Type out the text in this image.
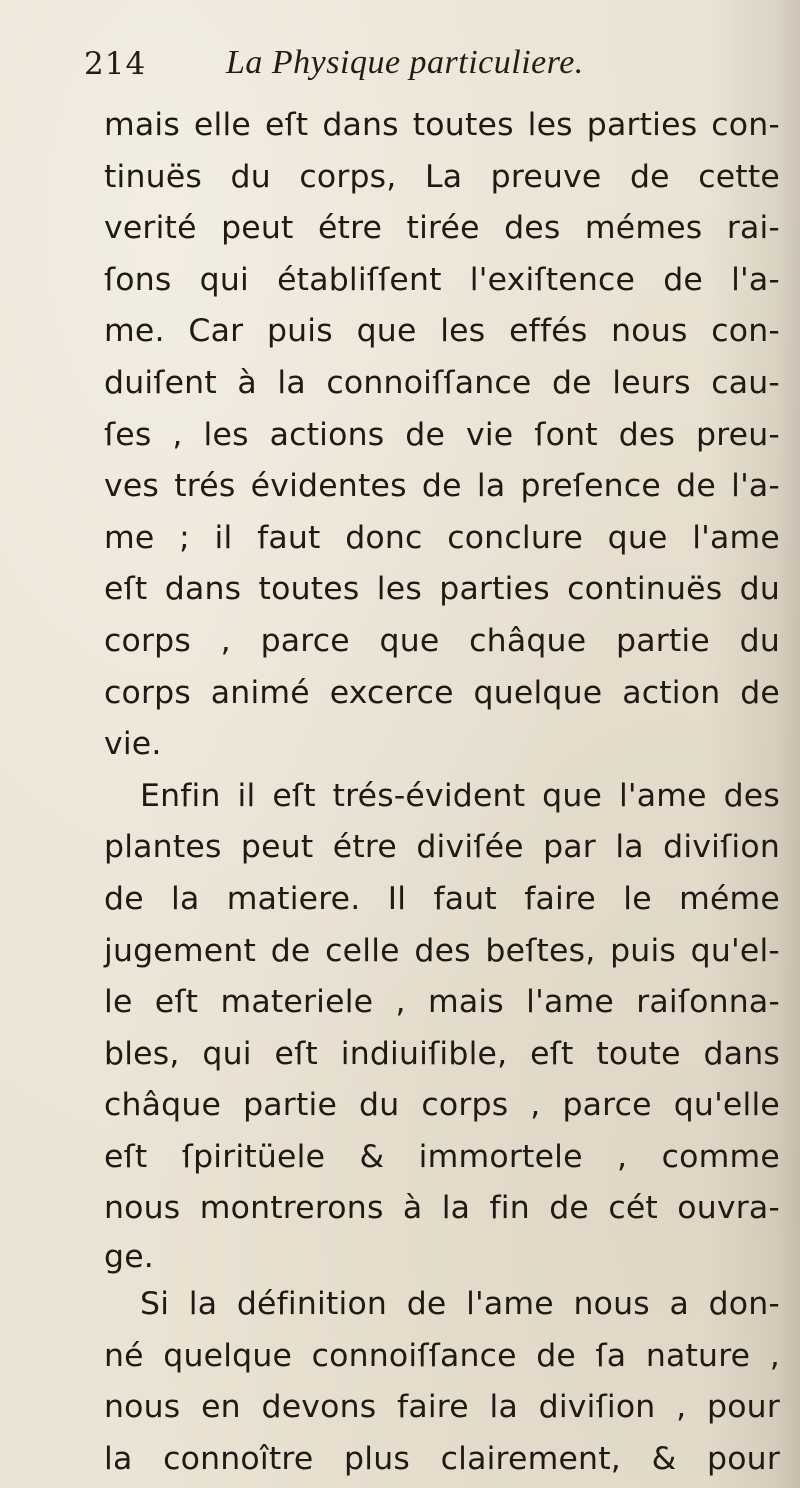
214 La Physique particuliere.
mais elle eſt dans toutes les parties con-
tinuës du corps, La preuve de cette
verité peut étre tirée des mémes rai-
ſons qui établiſſent l'exiſtence de l'a-
me. Car puis que les effés nous con-
duiſent à la connoiſſance de leurs cau-
ſes , les actions de vie ſont des preu-
ves trés évidentes de la preſence de l'a-
me ; il faut donc conclure que l'ame
eſt dans toutes les parties continuës du
corps , parce que châque partie du
corps animé excerce quelque action de
vie.
Enfin il eſt trés-évident que l'ame des
plantes peut étre diviſée par la diviſion
de la matiere. Il faut faire le méme
jugement de celle des beſtes, puis qu'el-
le eſt materiele , mais l'ame raiſonna-
bles, qui eſt indiuiſible, eſt toute dans
châque partie du corps , parce qu'elle
eſt ſpiritüele & immortele , comme
nous montrerons à la fin de cét ouvra-
ge.
Si la définition de l'ame nous a don-
né quelque connoiſſance de ſa nature ,
nous en devons faire la diviſion , pour
la connoître plus clairement, & pour
